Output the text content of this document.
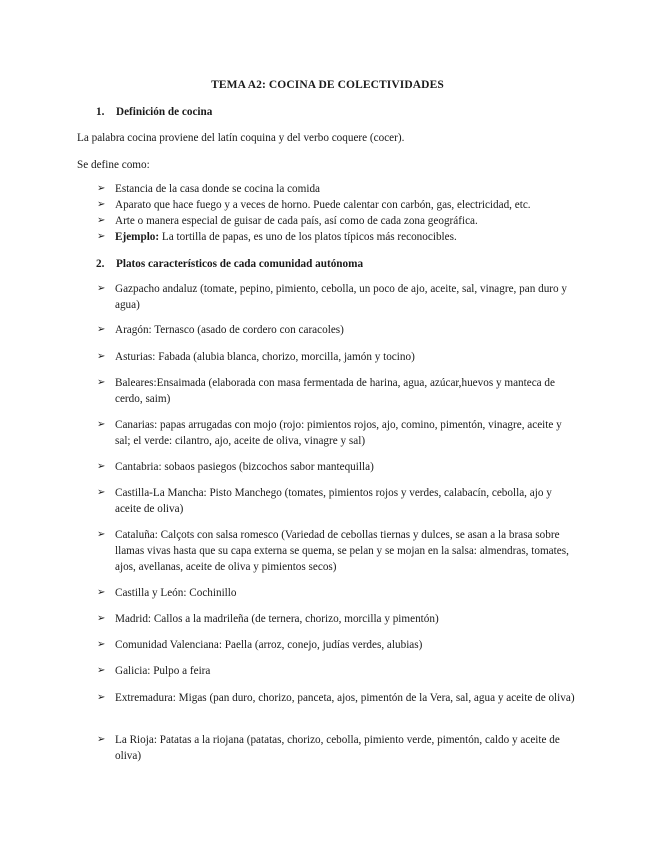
TEMA A2: COCINA DE COLECTIVIDADES
1. Definición de cocina
La palabra cocina proviene del latín coquina y del verbo coquere (cocer).
Se define como:
➢ Estancia de la casa donde se cocina la comida
➢ Aparato que hace fuego y a veces de horno. Puede calentar con carbón, gas, electricidad, etc.
➢ Arte o manera especial de guisar de cada país, así como de cada zona geográfica.
➢ Ejemplo: La tortilla de papas, es uno de los platos típicos más reconocibles.
2. Platos característicos de cada comunidad autónoma
➢ Gazpacho andaluz (tomate, pepino, pimiento, cebolla, un poco de ajo, aceite, sal, vinagre, pan duro y agua)
➢ Aragón: Ternasco (asado de cordero con caracoles)
➢ Asturias: Fabada (alubia blanca, chorizo, morcilla, jamón y tocino)
➢ Baleares:Ensaimada (elaborada con masa fermentada de harina, agua, azúcar,huevos y manteca de cerdo, saim)
➢ Canarias: papas arrugadas con mojo (rojo: pimientos rojos, ajo, comino, pimentón, vinagre, aceite y sal; el verde: cilantro, ajo, aceite de oliva, vinagre y sal)
➢ Cantabria: sobaos pasiegos (bizcochos sabor mantequilla)
➢ Castilla-La Mancha: Pisto Manchego (tomates, pimientos rojos y verdes, calabacín, cebolla, ajo y aceite de oliva)
➢ Cataluña: Calçots con salsa romesco (Variedad de cebollas tiernas y dulces, se asan a la brasa sobre llamas vivas hasta que su capa externa se quema, se pelan y se mojan en la salsa: almendras, tomates, ajos, avellanas, aceite de oliva y pimientos secos)
➢ Castilla y León: Cochinillo
➢ Madrid: Callos a la madrileña (de ternera, chorizo, morcilla y pimentón)
➢ Comunidad Valenciana: Paella (arroz, conejo, judías verdes, alubias)
➢ Galicia: Pulpo a feira
➢ Extremadura: Migas (pan duro, chorizo, panceta, ajos, pimentón de la Vera, sal, agua y aceite de oliva)
➢ La Rioja: Patatas a la riojana (patatas, chorizo, cebolla, pimiento verde, pimentón, caldo y aceite de oliva)
